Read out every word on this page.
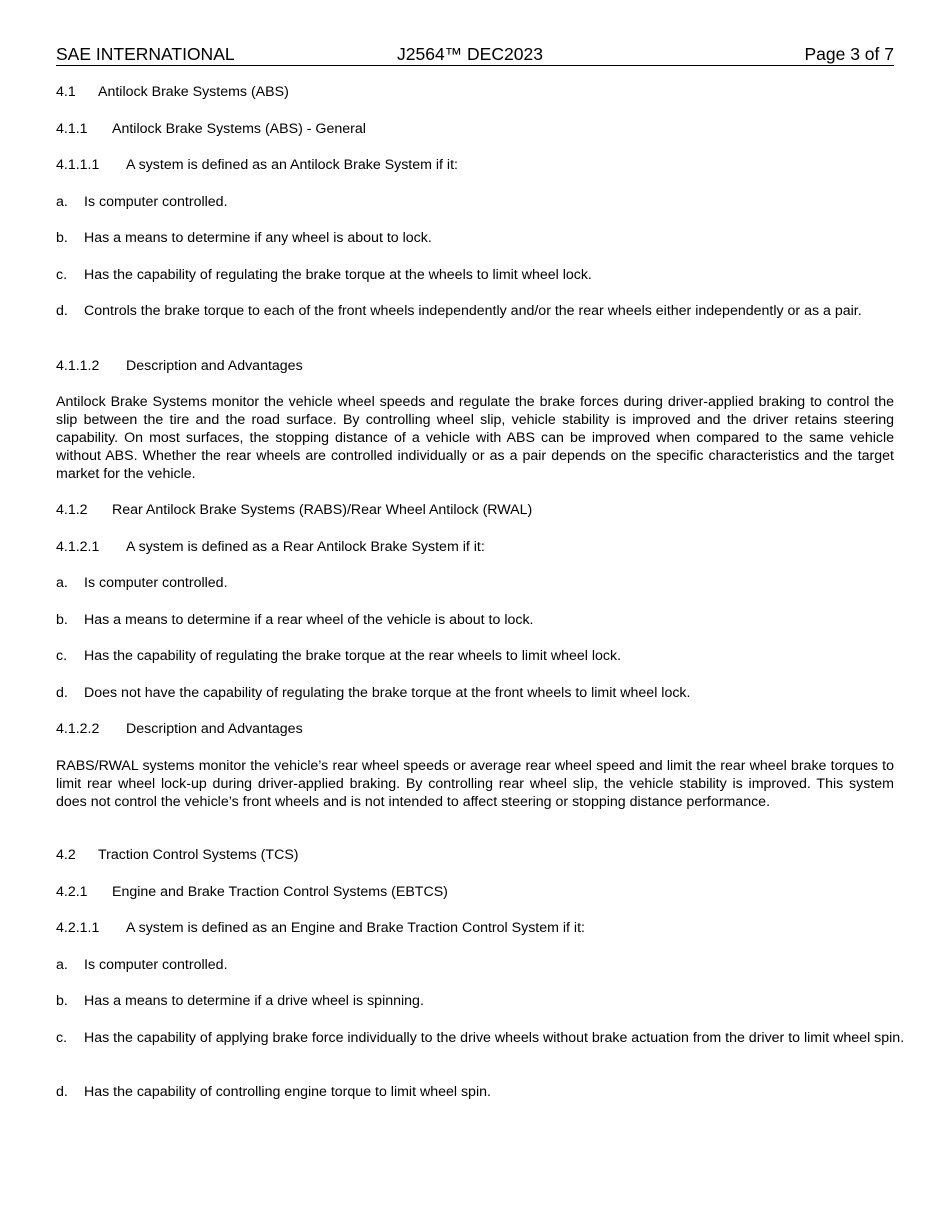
SAE INTERNATIONAL	J2564™ DEC2023	Page 3 of 7
4.1 Antilock Brake Systems (ABS)
4.1.1 Antilock Brake Systems (ABS) - General
4.1.1.1 A system is defined as an Antilock Brake System if it:
a. Is computer controlled.
b. Has a means to determine if any wheel is about to lock.
c. Has the capability of regulating the brake torque at the wheels to limit wheel lock.
d. Controls the brake torque to each of the front wheels independently and/or the rear wheels either independently or as a pair.
4.1.1.2 Description and Advantages

Antilock Brake Systems monitor the vehicle wheel speeds and regulate the brake forces during driver-applied braking to control the slip between the tire and the road surface. By controlling wheel slip, vehicle stability is improved and the driver retains steering capability. On most surfaces, the stopping distance of a vehicle with ABS can be improved when compared to the same vehicle without ABS. Whether the rear wheels are controlled individually or as a pair depends on the specific characteristics and the target market for the vehicle.

4.1.2 Rear Antilock Brake Systems (RABS)/Rear Wheel Antilock (RWAL)
4.1.2.1 A system is defined as a Rear Antilock Brake System if it:
a. Is computer controlled.
b. Has a means to determine if a rear wheel of the vehicle is about to lock.
c. Has the capability of regulating the brake torque at the rear wheels to limit wheel lock.
d. Does not have the capability of regulating the brake torque at the front wheels to limit wheel lock.
4.1.2.2 Description and Advantages

RABS/RWAL systems monitor the vehicle’s rear wheel speeds or average rear wheel speed and limit the rear wheel brake torques to limit rear wheel lock-up during driver-applied braking. By controlling rear wheel slip, the vehicle stability is improved. This system does not control the vehicle’s front wheels and is not intended to affect steering or stopping distance performance.

4.2 Traction Control Systems (TCS)
4.2.1 Engine and Brake Traction Control Systems (EBTCS)
4.2.1.1 A system is defined as an Engine and Brake Traction Control System if it:
a. Is computer controlled.
b. Has a means to determine if a drive wheel is spinning.
c. Has the capability of applying brake force individually to the drive wheels without brake actuation from the driver to limit wheel spin.
d. Has the capability of controlling engine torque to limit wheel spin.
